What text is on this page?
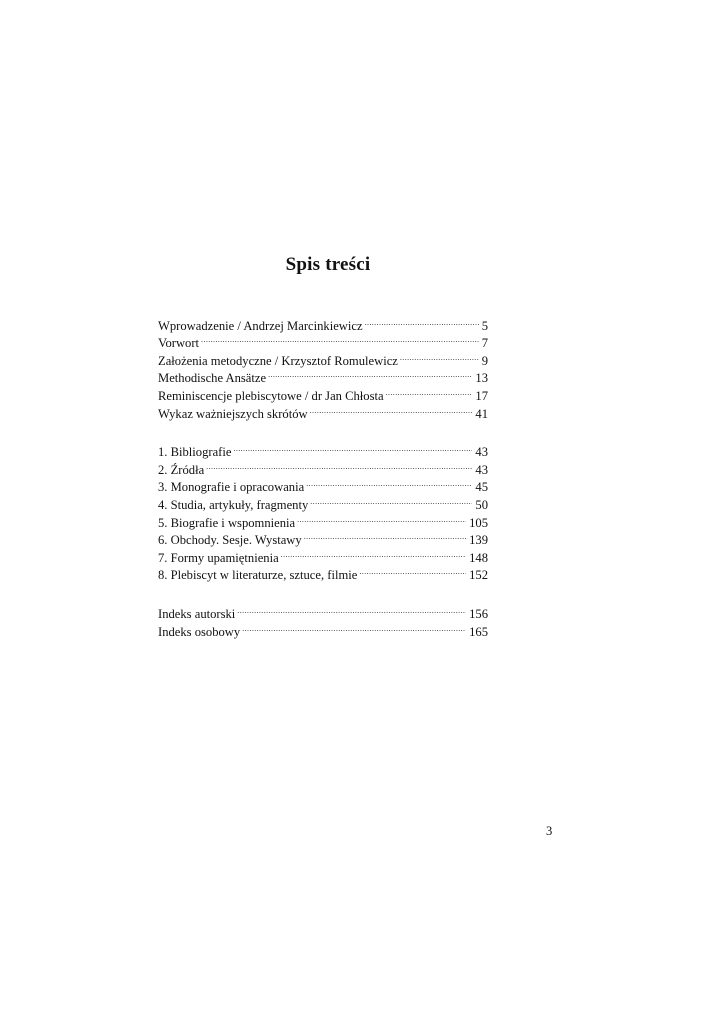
Spis treści
Wprowadzenie / Andrzej Marcinkiewicz .....	5
Vorwort .....	7
Założenia metodyczne / Krzysztof Romulewicz .....	9
Methodische Ansätze .....	13
Reminiscencje plebiscytowe / dr Jan Chłosta .....	17
Wykaz ważniejszych skrótów .....	41
1. Bibliografie .....	43
2. Źródła .....	43
3. Monografie i opracowania .....	45
4. Studia, artykuły, fragmenty .....	50
5. Biografie i wspomnienia .....	105
6. Obchody. Sesje. Wystawy .....	139
7. Formy upamiętnienia .....	148
8. Plebiscyt w literaturze, sztuce, filmie .....	152
Indeks autorski .....	156
Indeks osobowy .....	165
3
